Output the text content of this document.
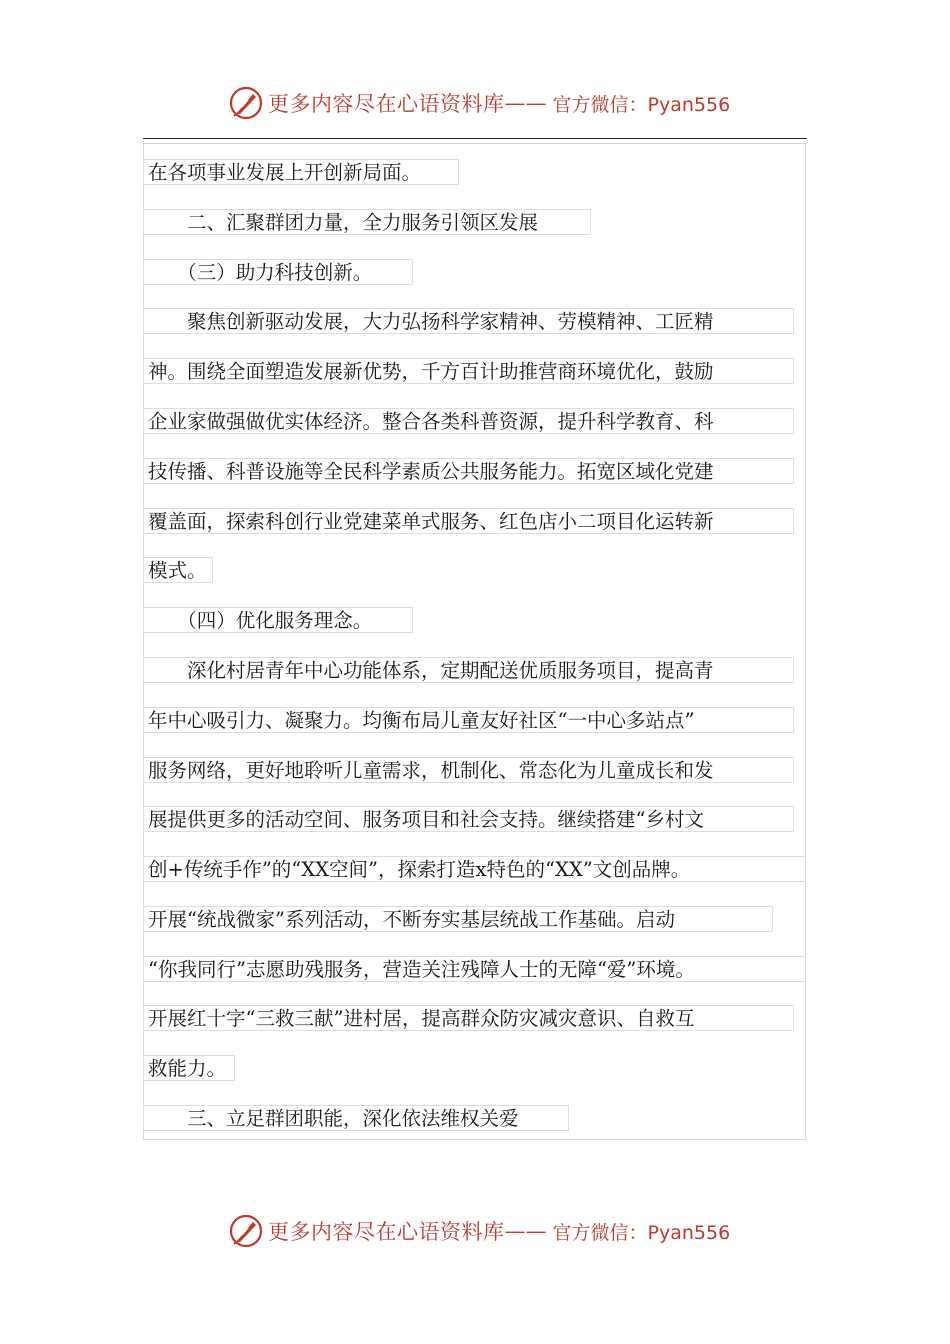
更多内容尽在心语资料库 —— 官方微信：Pyan556
在各项事业发展上开创新局面。
　　二、汇聚群团力量，全力服务引领区发展
　　（三）助力科技创新。
　　聚焦创新驱动发展，大力弘扬科学家精神、劳模精神、工匠精
神。围绕全面塑造发展新优势，千方百计助推营商环境优化，鼓励
企业家做强做优实体经济。整合各类科普资源，提升科学教育、科
技传播、科普设施等全民科学素质公共服务能力。拓宽区域化党建
覆盖面，探索科创行业党建菜单式服务、红色店小二项目化运转新
模式。
　　（四）优化服务理念。
　　深化村居青年中心功能体系，定期配送优质服务项目，提高青
年中心吸引力、凝聚力。均衡布局儿童友好社区“一中心多站点”
服务网络，更好地聆听儿童需求，机制化、常态化为儿童成长和发
展提供更多的活动空间、服务项目和社会支持。继续搭建“乡村文
创+传统手作”的“XX空间”，探索打造x特色的“XX”文创品牌。
开展“统战微家”系列活动，不断夯实基层统战工作基础。启动
“你我同行”志愿助残服务，营造关注残障人士的无障“爱”环境。
开展红十字“三救三献”进村居，提高群众防灾减灾意识、自救互
救能力。
　　三、立足群团职能，深化依法维权关爱
更多内容尽在心语资料库 —— 官方微信：Pyan556
